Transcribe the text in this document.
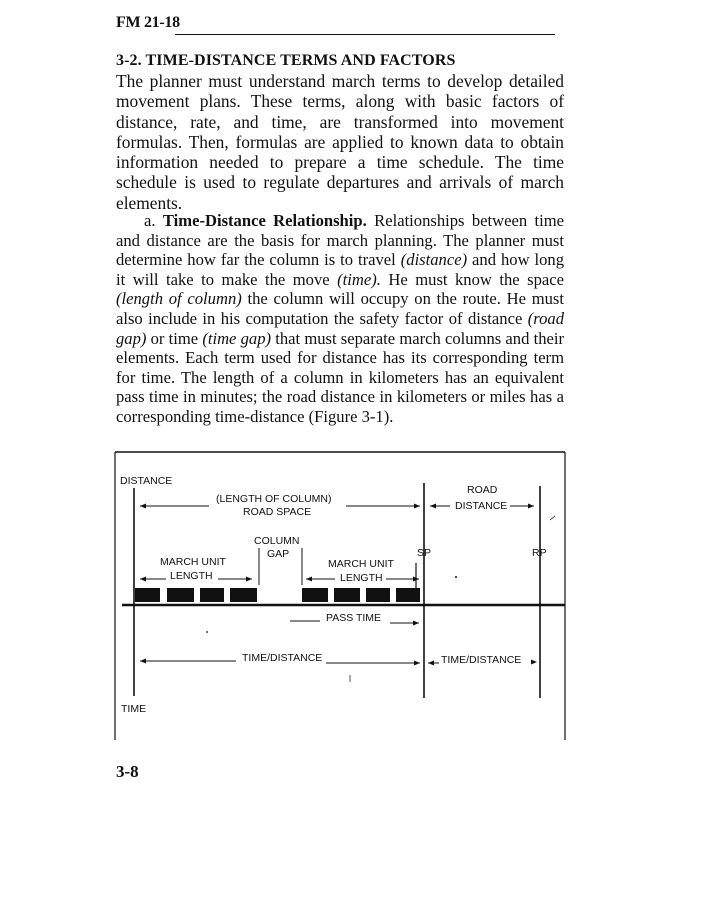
FM 21-18
3-2. TIME-DISTANCE TERMS AND FACTORS

The planner must understand march terms to develop detailed movement plans. These terms, along with basic factors of distance, rate, and time, are transformed into movement formulas. Then, formulas are applied to known data to obtain information needed to prepare a time schedule. The time schedule is used to regulate departures and arrivals of march elements.

a. Time-Distance Relationship. Relationships between time and distance are the basis for march planning. The planner must determine how far the column is to travel (distance) and how long it will take to make the move (time). He must know the space (length of column) the column will occupy on the route. He must also include in his computation the safety factor of distance (road gap) or time (time gap) that must separate march columns and their elements. Each term used for distance has its corresponding term for time. The length of a column in kilometers has an equivalent pass time in minutes; the road distance in kilometers or miles has a corresponding time-distance (Figure 3-1).

DISTANCE
TIME
(LENGTH OF COLUMN)
ROAD SPACE
ROAD
DISTANCE
COLUMN
GAP
MARCH UNIT
LENGTH
MARCH UNIT
LENGTH
SP	RP
PASS TIME
TIME/DISTANCE	TIME/DISTANCE
3-8
